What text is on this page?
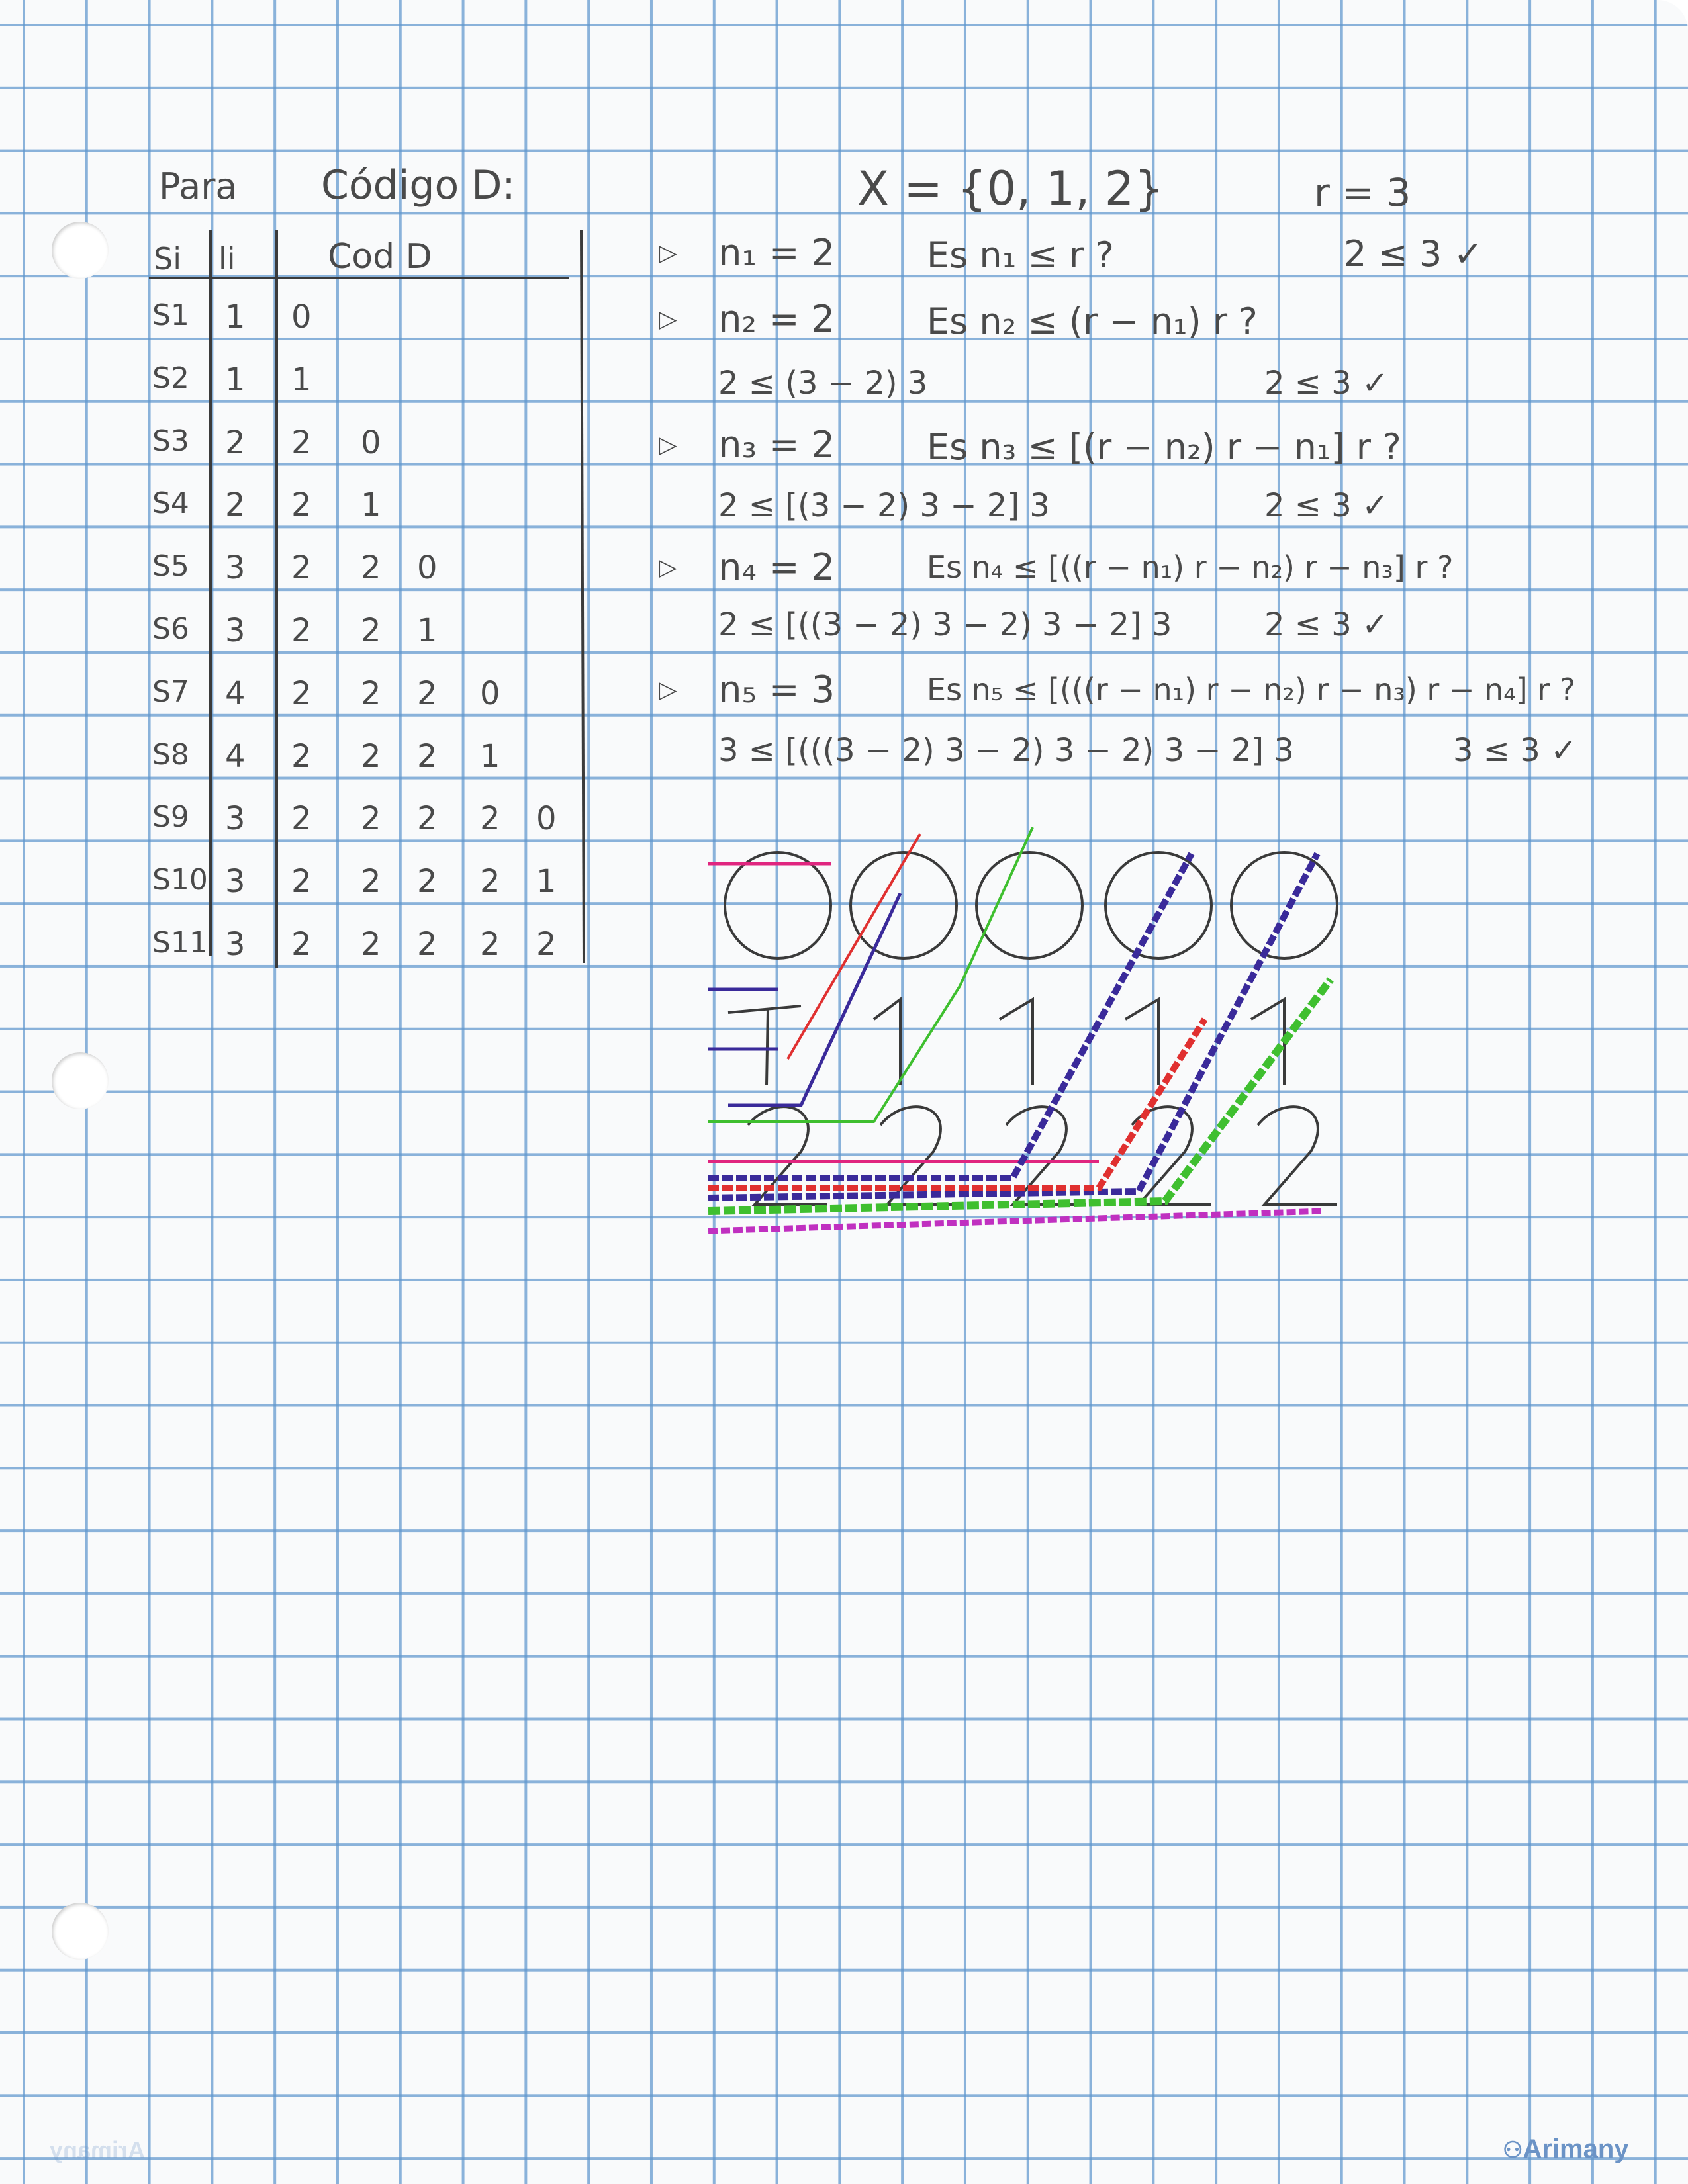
Para Código D:
Si li	Cod D
S1 1 0
S2 1 1
S3 2 2 0
S4 2 2 1
S5 3 2 2 0
S6 3 2 2 1
S7 4 2 2 2 0
S8 4 2 2 2 1
S9 3 2 2 2 2 0
S10 3 2 2 2 2 1
S11 3 2 2 2 2 2
X = {0, 1, 2}	r = 3
▷ n₁ = 2	Es n₁ ≤ r ?	2 ≤ 3 ✓
▷ n₂ = 2	Es n₂ ≤ (r − n₁) r ?
2 ≤ (3 − 2) 3	2 ≤ 3 ✓
▷ n₃ = 2	Es n₃ ≤ [(r − n₂) r − n₁] r ?
2 ≤ [(3 − 2) 3 − 2] 3	2 ≤ 3 ✓
▷ n₄ = 2	Es n₄ ≤ [((r − n₁) r − n₂) r − n₃] r ?
2 ≤ [((3 − 2) 3 − 2) 3 − 2] 3	2 ≤ 3 ✓
▷ n₅ = 3	Es n₅ ≤ [(((r − n₁) r − n₂) r − n₃) r − n₄] r ?
3 ≤ [(((3 − 2) 3 − 2) 3 − 2) 3 − 2] 3	3 ≤ 3 ✓
⚇Arimany
Arimany
